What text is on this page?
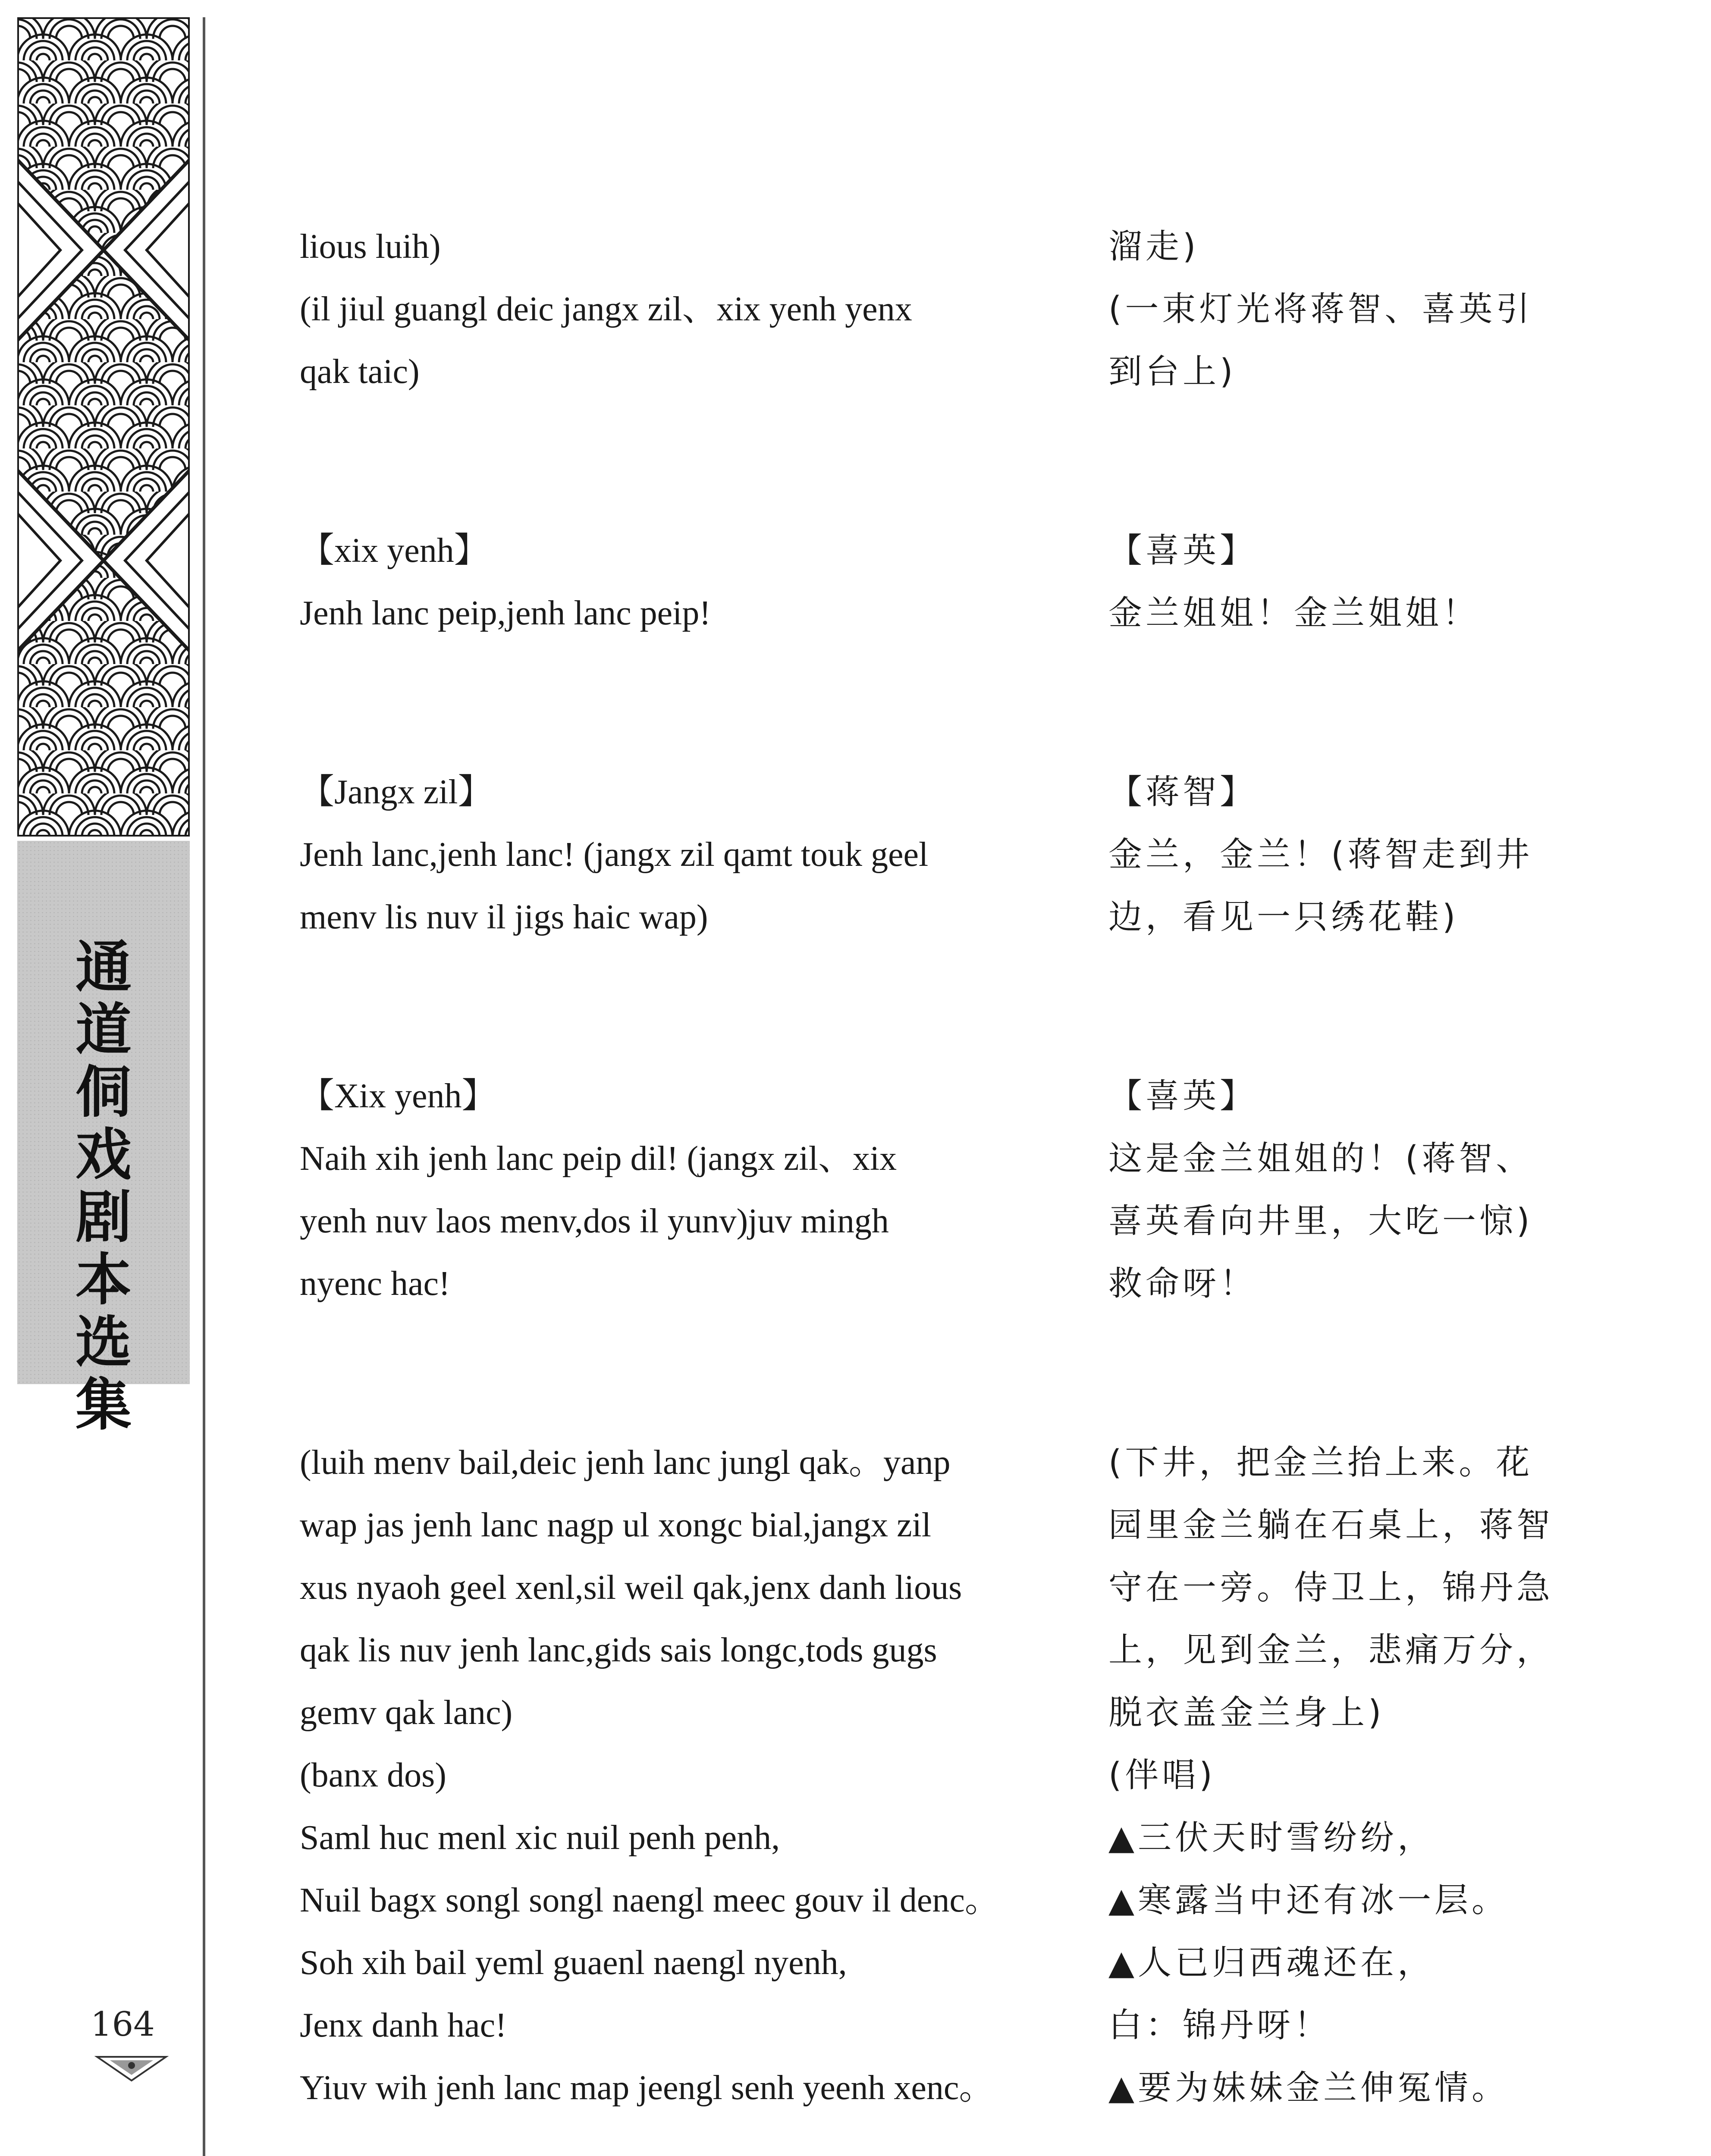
通
道
侗
戏
剧
本
选
集
164
lious luih)
(il jiul guangl deic jangx zil、xix yenh yenx
qak taic)
【xix yenh】
Jenh lanc peip,jenh lanc peip!
【Jangx zil】
Jenh lanc,jenh lanc! (jangx zil qamt touk geel
menv lis nuv il jigs haic wap)
【Xix yenh】
Naih xih jenh lanc peip dil! (jangx zil、xix
yenh nuv laos menv,dos il yunv)juv mingh
nyenc hac!
(luih menv bail,deic jenh lanc jungl qak。yanp
wap jas jenh lanc nagp ul xongc bial,jangx zil
xus nyaoh geel xenl,sil weil qak,jenx danh lious
qak lis nuv jenh lanc,gids sais longc,tods gugs
gemv qak lanc)
(banx dos)
Saml huc menl xic nuil penh penh,
Nuil bagx songl songl naengl meec gouv il denc。
Soh xih bail yeml guaenl naengl nyenh,
Jenx danh hac!
Yiuv wih jenh lanc map jeengl senh yeenh xenc。
溜走)
(一束灯光将蒋智、喜英引
到台上)
【喜英】
金兰姐姐！金兰姐姐！
【蒋智】
金兰，金兰！(蒋智走到井
边，看见一只绣花鞋)
【喜英】
这是金兰姐姐的！(蒋智、
喜英看向井里，大吃一惊)
救命呀！
(下井，把金兰抬上来。花
园里金兰躺在石桌上，蒋智
守在一旁。侍卫上，锦丹急
上，见到金兰，悲痛万分，
脱衣盖金兰身上)
(伴唱)
▲三伏天时雪纷纷，
▲寒露当中还有冰一层。
▲人已归西魂还在，
白：锦丹呀！
▲要为妹妹金兰伸冤情。
